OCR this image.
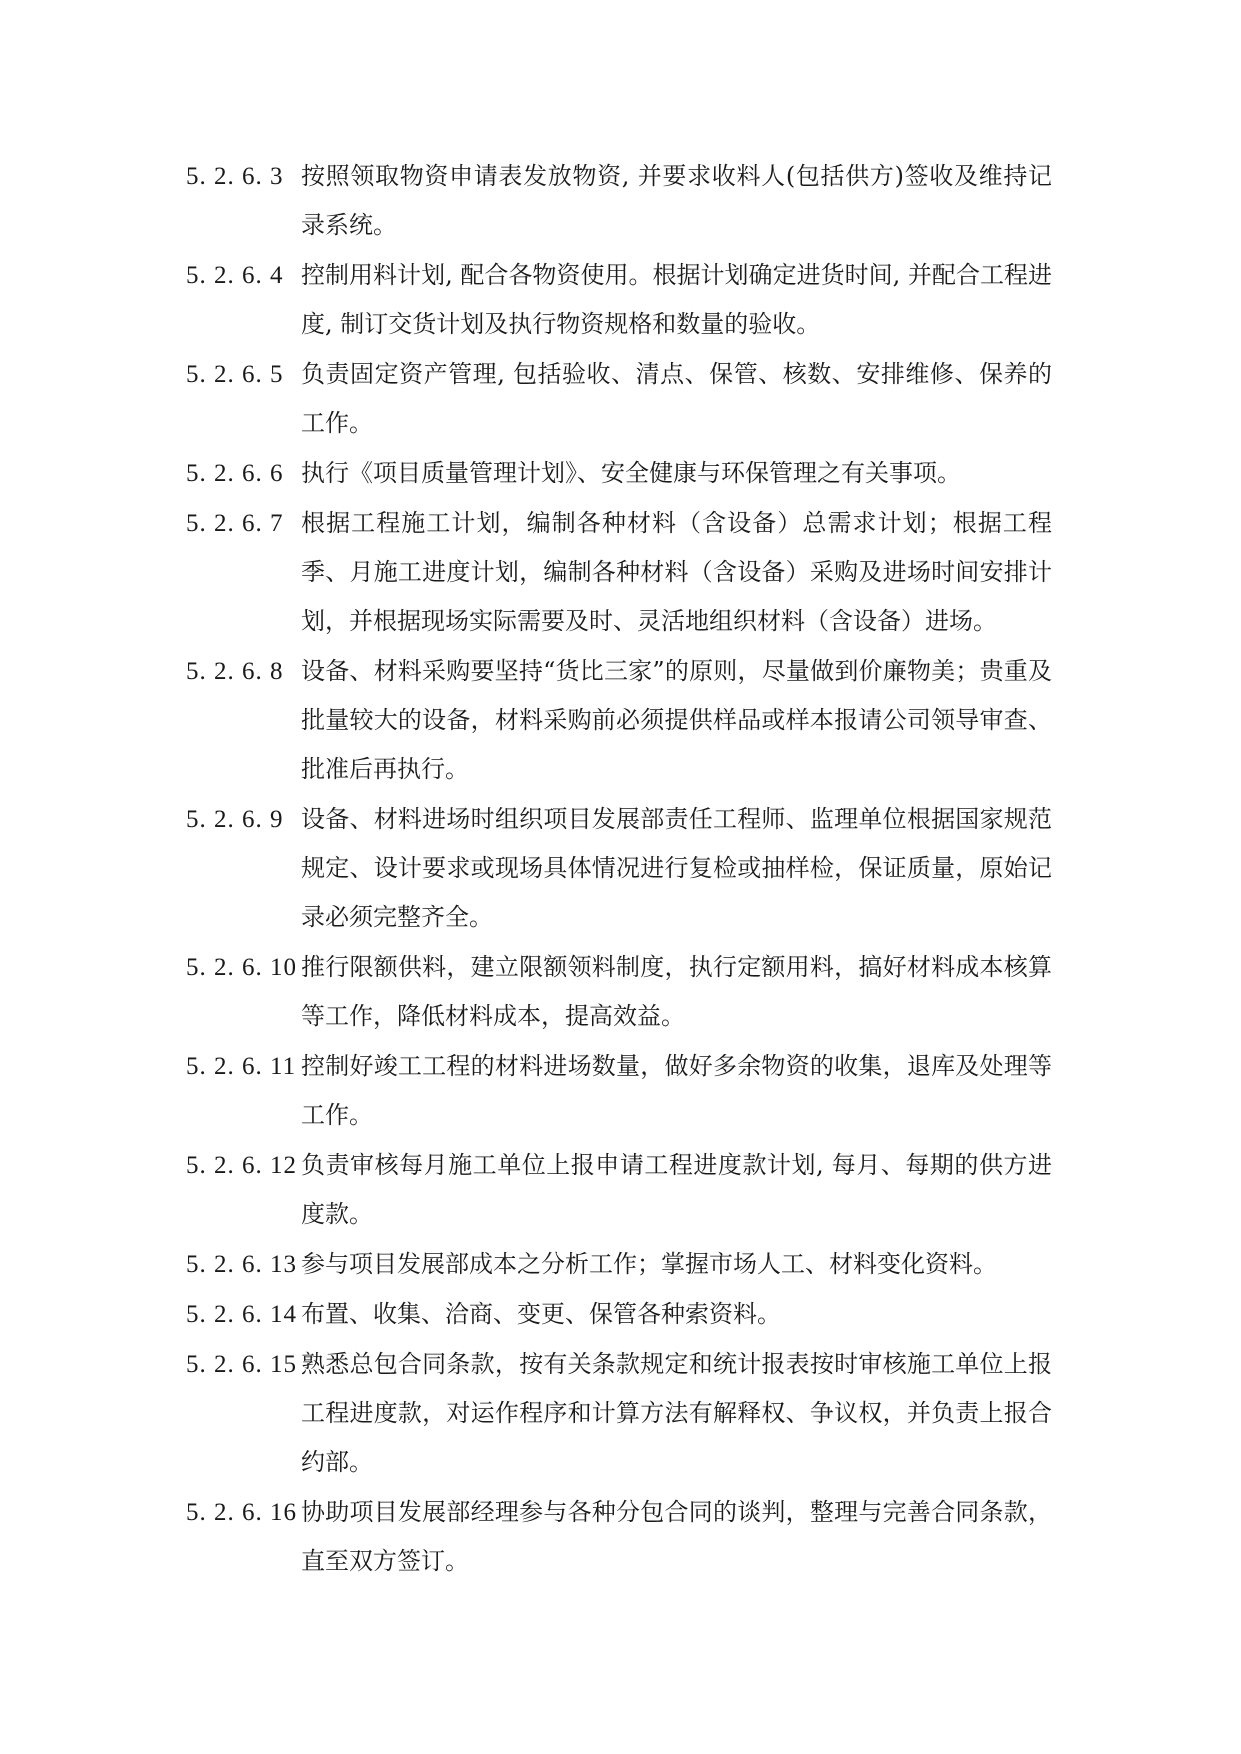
5. 2. 6. 3 按照领取物资申请表发放物资, 并要求收料人(包括供方)签收及维持记录系统。
5. 2. 6. 4 控制用料计划, 配合各物资使用。根据计划确定进货时间, 并配合工程进度, 制订交货计划及执行物资规格和数量的验收。
5. 2. 6. 5 负责固定资产管理, 包括验收、清点、保管、核数、安排维修、保养的工作。
5. 2. 6. 6 执行《项目质量管理计划》、安全健康与环保管理之有关事项。
5. 2. 6. 7 根据工程施工计划，编制各种材料（含设备）总需求计划；根据工程季、月施工进度计划，编制各种材料（含设备）采购及进场时间安排计划，并根据现场实际需要及时、灵活地组织材料（含设备）进场。
5. 2. 6. 8 设备、材料采购要坚持“货比三家”的原则，尽量做到价廉物美；贵重及批量较大的设备，材料采购前必须提供样品或样本报请公司领导审查、批准后再执行。
5. 2. 6. 9 设备、材料进场时组织项目发展部责任工程师、监理单位根据国家规范规定、设计要求或现场具体情况进行复检或抽样检，保证质量，原始记录必须完整齐全。
5. 2. 6. 10 推行限额供料，建立限额领料制度，执行定额用料，搞好材料成本核算等工作，降低材料成本，提高效益。
5. 2. 6. 11 控制好竣工工程的材料进场数量，做好多余物资的收集，退库及处理等工作。
5. 2. 6. 12 负责审核每月施工单位上报申请工程进度款计划, 每月、每期的供方进度款。
5. 2. 6. 13 参与项目发展部成本之分析工作；掌握市场人工、材料变化资料。
5. 2. 6. 14 布置、收集、洽商、变更、保管各种索资料。
5. 2. 6. 15 熟悉总包合同条款，按有关条款规定和统计报表按时审核施工单位上报工程进度款，对运作程序和计算方法有解释权、争议权，并负责上报合约部。
5. 2. 6. 16 协助项目发展部经理参与各种分包合同的谈判，整理与完善合同条款，直至双方签订。
